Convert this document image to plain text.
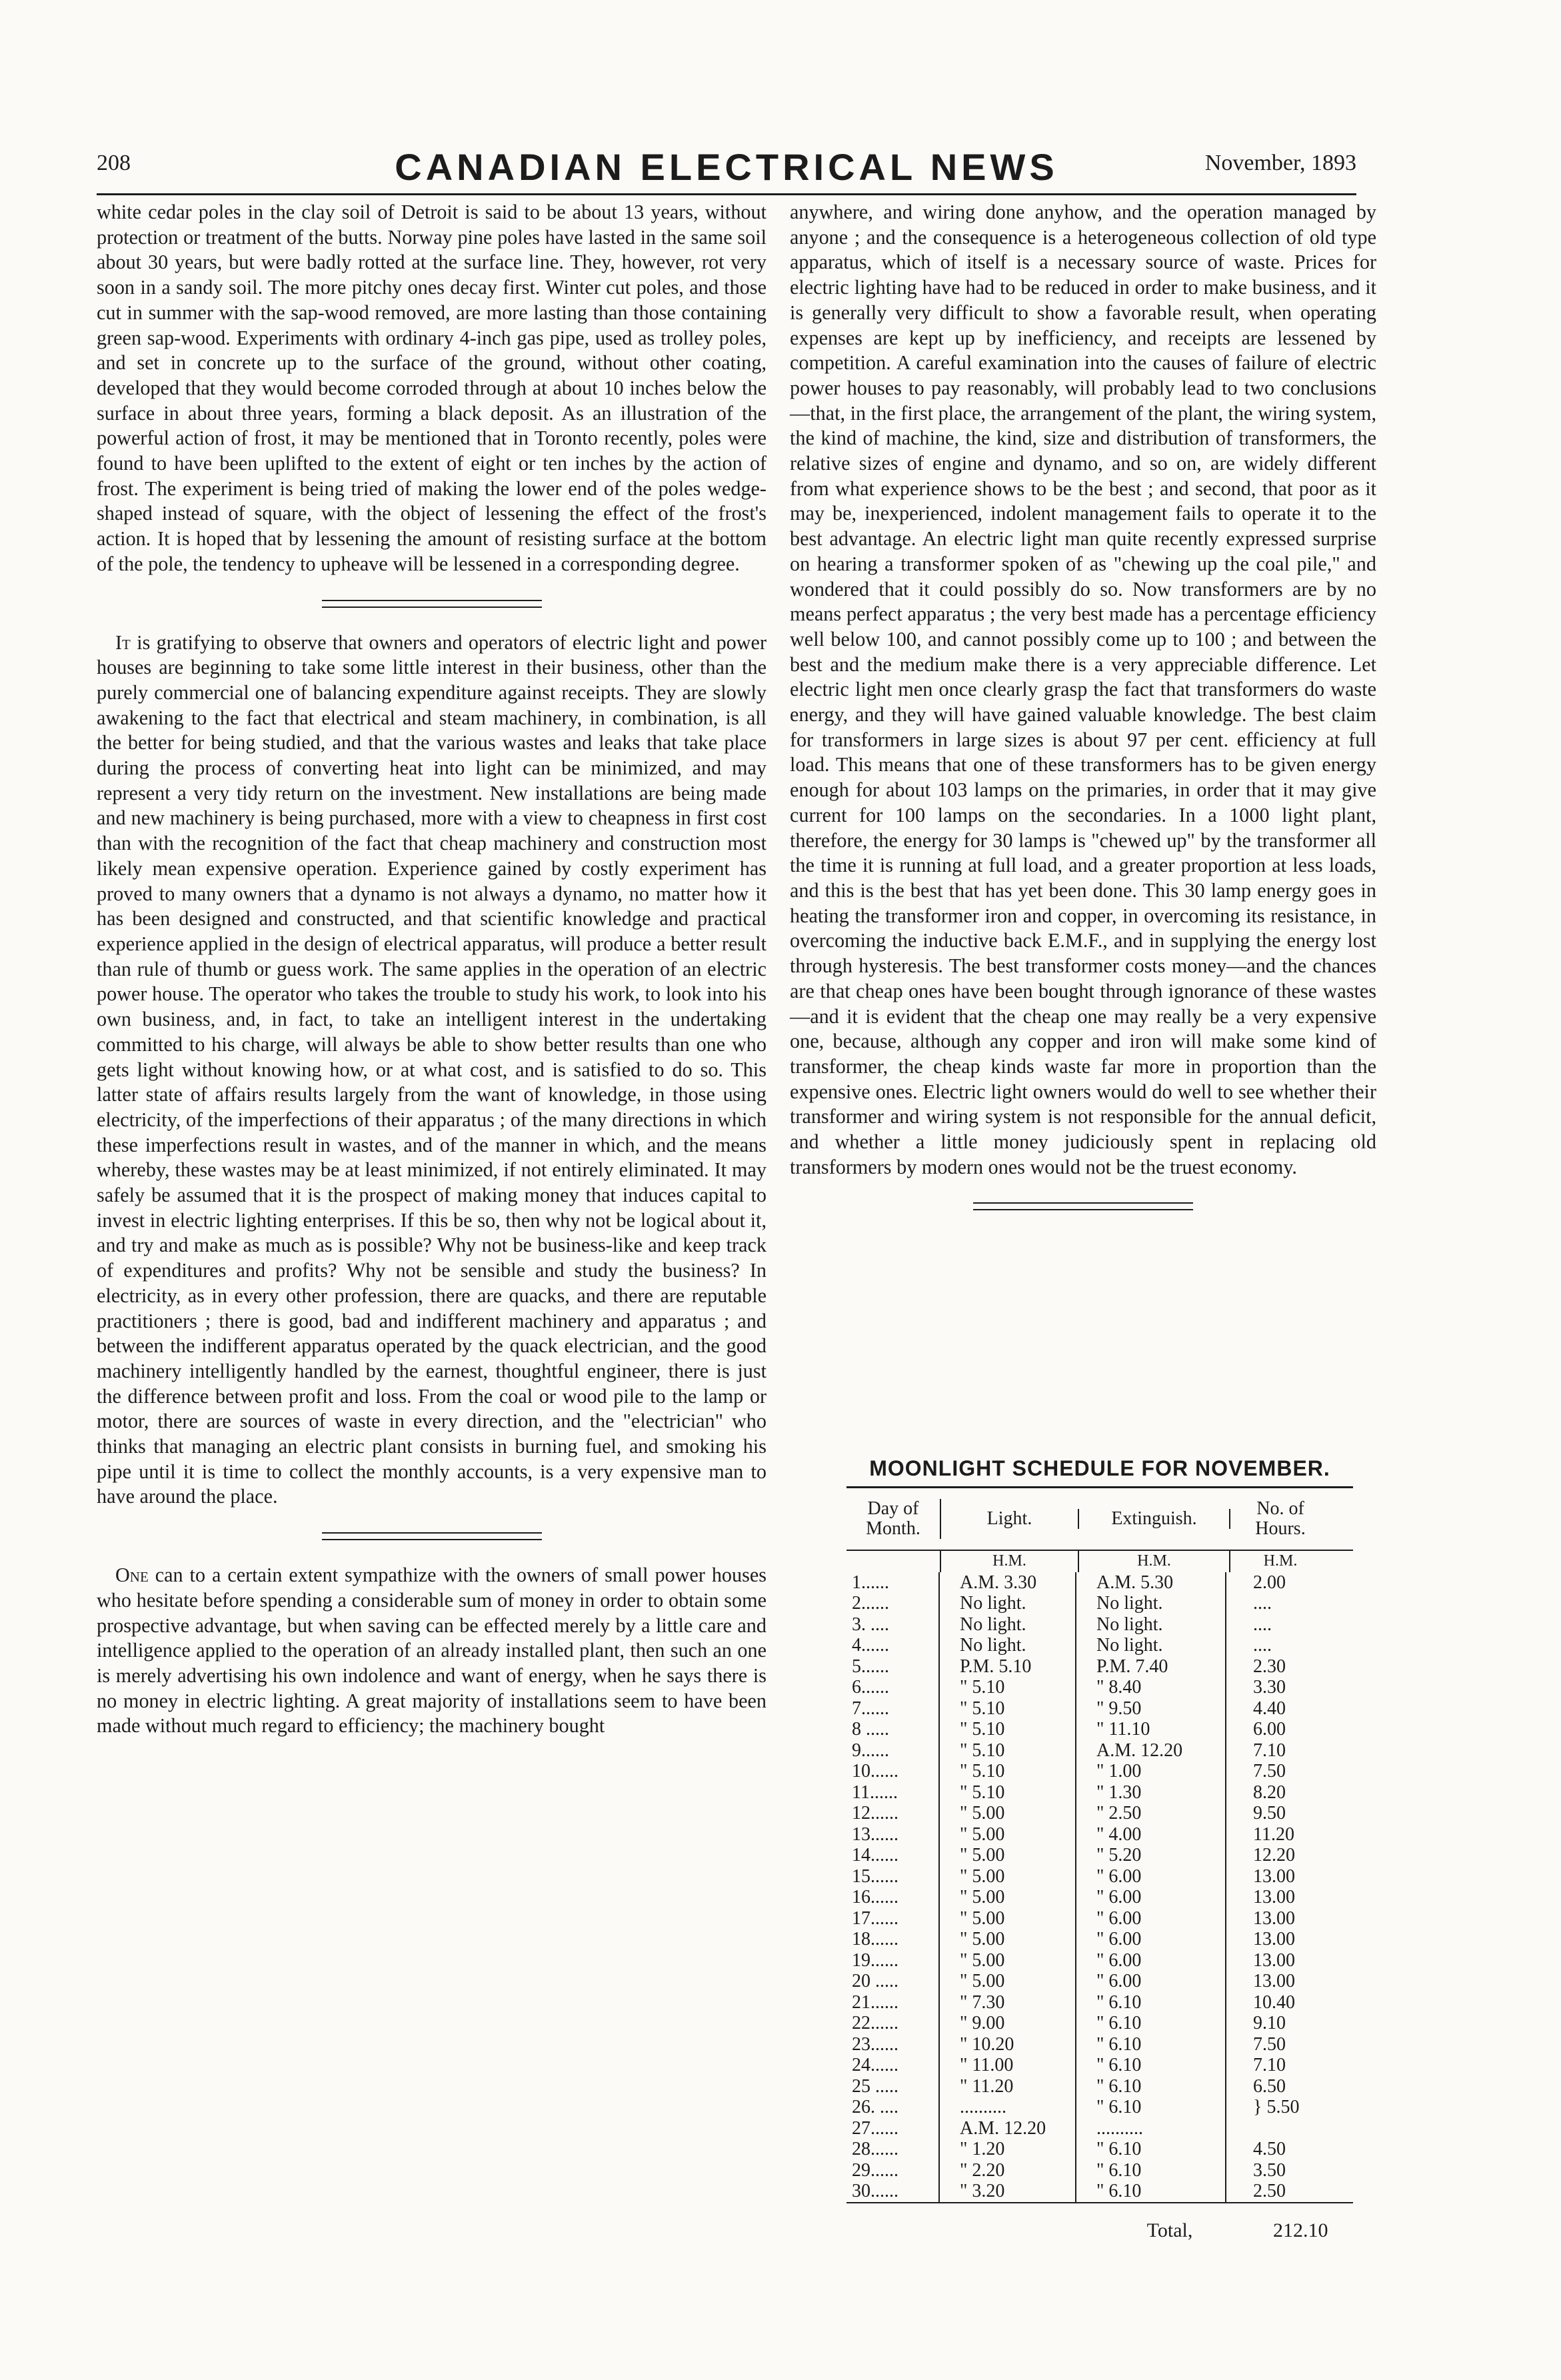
208	CANADIAN ELECTRICAL NEWS	November, 1893

white cedar poles in the clay soil of Detroit is said to be about 13 years, without protection or treatment of the butts. Norway pine poles have lasted in the same soil about 30 years, but were badly rotted at the surface line. They, however, rot very soon in a sandy soil. The more pitchy ones decay first. Winter cut poles, and those cut in summer with the sap-wood removed, are more lasting than those containing green sap-wood. Experiments with ordinary 4-inch gas pipe, used as trolley poles, and set in concrete up to the surface of the ground, without other coating, developed that they would become corroded through at about 10 inches below the surface in about three years, forming a black deposit. As an illustration of the powerful action of frost, it may be mentioned that in Toronto recently, poles were found to have been uplifted to the extent of eight or ten inches by the action of frost. The experiment is being tried of making the lower end of the poles wedge-shaped instead of square, with the object of lessening the effect of the frost's action. It is hoped that by lessening the amount of resisting surface at the bottom of the pole, the tendency to upheave will be lessened in a corresponding degree.

It is gratifying to observe that owners and operators of electric light and power houses are beginning to take some little interest in their business, other than the purely commercial one of balancing expenditure against receipts. They are slowly awakening to the fact that electrical and steam machinery, in combination, is all the better for being studied, and that the various wastes and leaks that take place during the process of converting heat into light can be minimized, and may represent a very tidy return on the investment. New installations are being made and new machinery is being purchased, more with a view to cheapness in first cost than with the recognition of the fact that cheap machinery and construction most likely mean expensive operation. Experience gained by costly experiment has proved to many owners that a dynamo is not always a dynamo, no matter how it has been designed and constructed, and that scientific knowledge and practical experience applied in the design of electrical apparatus, will produce a better result than rule of thumb or guess work. The same applies in the operation of an electric power house. The operator who takes the trouble to study his work, to look into his own business, and, in fact, to take an intelligent interest in the undertaking committed to his charge, will always be able to show better results than one who gets light without knowing how, or at what cost, and is satisfied to do so. This latter state of affairs results largely from the want of knowledge, in those using electricity, of the imperfections of their apparatus ; of the many directions in which these imperfections result in wastes, and of the manner in which, and the means whereby, these wastes may be at least minimized, if not entirely eliminated. It may safely be assumed that it is the prospect of making money that induces capital to invest in electric lighting enterprises. If this be so, then why not be logical about it, and try and make as much as is possible? Why not be business-like and keep track of expenditures and profits? Why not be sensible and study the business? In electricity, as in every other profession, there are quacks, and there are reputable practitioners ; there is good, bad and indifferent machinery and apparatus ; and between the indifferent apparatus operated by the quack electrician, and the good machinery intelligently handled by the earnest, thoughtful engineer, there is just the difference between profit and loss. From the coal or wood pile to the lamp or motor, there are sources of waste in every direction, and the "electrician" who thinks that managing an electric plant consists in burning fuel, and smoking his pipe until it is time to collect the monthly accounts, is a very expensive man to have around the place.

One can to a certain extent sympathize with the owners of small power houses who hesitate before spending a considerable sum of money in order to obtain some prospective advantage, but when saving can be effected merely by a little care and intelligence applied to the operation of an already installed plant, then such an one is merely advertising his own indolence and want of energy, when he says there is no money in electric lighting. A great majority of installations seem to have been made without much regard to efficiency; the machinery bought

anywhere, and wiring done anyhow, and the operation managed by anyone ; and the consequence is a heterogeneous collection of old type apparatus, which of itself is a necessary source of waste. Prices for electric lighting have had to be reduced in order to make business, and it is generally very difficult to show a favorable result, when operating expenses are kept up by inefficiency, and receipts are lessened by competition. A careful examination into the causes of failure of electric power houses to pay reasonably, will probably lead to two conclusions—that, in the first place, the arrangement of the plant, the wiring system, the kind of machine, the kind, size and distribution of transformers, the relative sizes of engine and dynamo, and so on, are widely different from what experience shows to be the best ; and second, that poor as it may be, inexperienced, indolent management fails to operate it to the best advantage. An electric light man quite recently expressed surprise on hearing a transformer spoken of as "chewing up the coal pile," and wondered that it could possibly do so. Now transformers are by no means perfect apparatus ; the very best made has a percentage efficiency well below 100, and cannot possibly come up to 100 ; and between the best and the medium make there is a very appreciable difference. Let electric light men once clearly grasp the fact that transformers do waste energy, and they will have gained valuable knowledge. The best claim for transformers in large sizes is about 97 per cent. efficiency at full load. This means that one of these transformers has to be given energy enough for about 103 lamps on the primaries, in order that it may give current for 100 lamps on the secondaries. In a 1000 light plant, therefore, the energy for 30 lamps is "chewed up" by the transformer all the time it is running at full load, and a greater proportion at less loads, and this is the best that has yet been done. This 30 lamp energy goes in heating the transformer iron and copper, in overcoming its resistance, in overcoming the inductive back E.M.F., and in supplying the energy lost through hysteresis. The best transformer costs money—and the chances are that cheap ones have been bought through ignorance of these wastes—and it is evident that the cheap one may really be a very expensive one, because, although any copper and iron will make some kind of transformer, the cheap kinds waste far more in proportion than the expensive ones. Electric light owners would do well to see whether their transformer and wiring system is not responsible for the annual deficit, and whether a little money judiciously spent in replacing old transformers by modern ones would not be the truest economy.

MOONLIGHT SCHEDULE FOR NOVEMBER.
Day of Month.	Light.	Extinguish.	No. of Hours.
H.M.	H.M.	H.M.
1......	A.M. 3.30	A.M. 5.30	2.00
2......	No light.	No light.	....
3. ....	No light.	No light.	....
4......	No light.	No light.	....
5......	P.M. 5.10	P.M. 7.40	2.30
6......	" 5.10	" 8.40	3.30
7......	" 5.10	" 9.50	4.40
8 .....	" 5.10	" 11.10	6.00
9......	" 5.10	A.M. 12.20	7.10
10......	" 5.10	" 1.00	7.50
11......	" 5.10	" 1.30	8.20
12......	" 5.00	" 2.50	9.50
13......	" 5.00	" 4.00	11.20
14......	" 5.00	" 5.20	12.20
15......	" 5.00	" 6.00	13.00
16......	" 5.00	" 6.00	13.00
17......	" 5.00	" 6.00	13.00
18......	" 5.00	" 6.00	13.00
19......	" 5.00	" 6.00	13.00
20 .....	" 5.00	" 6.00	13.00
21......	" 7.30	" 6.10	10.40
22......	" 9.00	" 6.10	9.10
23......	" 10.20	" 6.10	7.50
24......	" 11.00	" 6.10	7.10
25 .....	" 11.20	" 6.10	6.50
26. ....	..........	" 6.10	} 5.50
27......	A.M. 12.20	..........
28......	" 1.20	" 6.10	4.50
29......	" 2.20	" 6.10	3.50
30......	" 3.20	" 6.10	2.50
Total,	212.10
